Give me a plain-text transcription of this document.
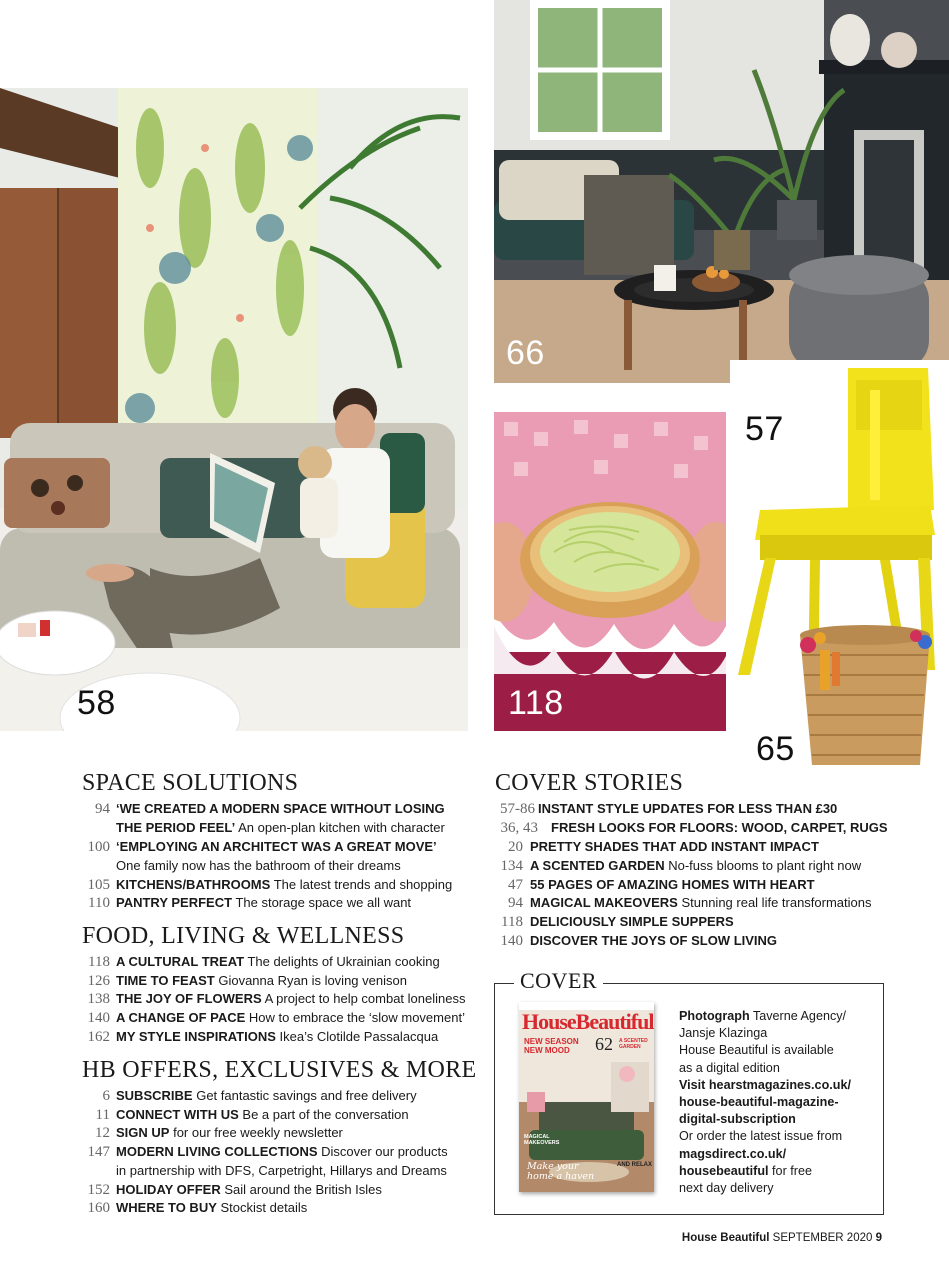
58
66
118
57
65
SPACE SOLUTIONS
94 ‘WE CREATED A MODERN SPACE WITHOUT LOSING
THE PERIOD FEEL’ An open-plan kitchen with character
100 ‘EMPLOYING AN ARCHITECT WAS A GREAT MOVE’
One family now has the bathroom of their dreams
105 KITCHENS/BATHROOMS The latest trends and shopping
110 PANTRY PERFECT The storage space we all want
FOOD, LIVING & WELLNESS
118 A CULTURAL TREAT The delights of Ukrainian cooking
126 TIME TO FEAST Giovanna Ryan is loving venison
138 THE JOY OF FLOWERS A project to help combat loneliness
140 A CHANGE OF PACE How to embrace the ‘slow movement’
162 MY STYLE INSPIRATIONS Ikea’s Clotilde Passalacqua
HB OFFERS, EXCLUSIVES & MORE
6 SUBSCRIBE Get fantastic savings and free delivery
11 CONNECT WITH US Be a part of the conversation
12 SIGN UP for our free weekly newsletter
147 MODERN LIVING COLLECTIONS Discover our products
in partnership with DFS, Carpetright, Hillarys and Dreams
152 HOLIDAY OFFER Sail around the British Isles
160 WHERE TO BUY Stockist details
COVER STORIES
57-86 INSTANT STYLE UPDATES FOR LESS THAN £30
36, 43 FRESH LOOKS FOR FLOORS: WOOD, CARPET, RUGS
20 PRETTY SHADES THAT ADD INSTANT IMPACT
134 A SCENTED GARDEN No-fuss blooms to plant right now
47 55 PAGES OF AMAZING HOMES WITH HEART
94 MAGICAL MAKEOVERS Stunning real life transformations
118 DELICIOUSLY SIMPLE SUPPERS
140 DISCOVER THE JOYS OF SLOW LIVING
COVER
HouseBeautiful
NEW SEASON NEW MOOD	62 A SCENTED GARDEN
MAGICAL MAKEOVERS
Make your home a haven
AND RELAX

Photograph Taverne Agency/

Jansje Klazinga

House Beautiful is available

as a digital edition

Visit hearstmagazines.co.uk/

house-beautiful-magazine-

digital-subscription

Or order the latest issue from

magsdirect.co.uk/

housebeautiful for free

next day delivery

House Beautiful SEPTEMBER 2020 9
